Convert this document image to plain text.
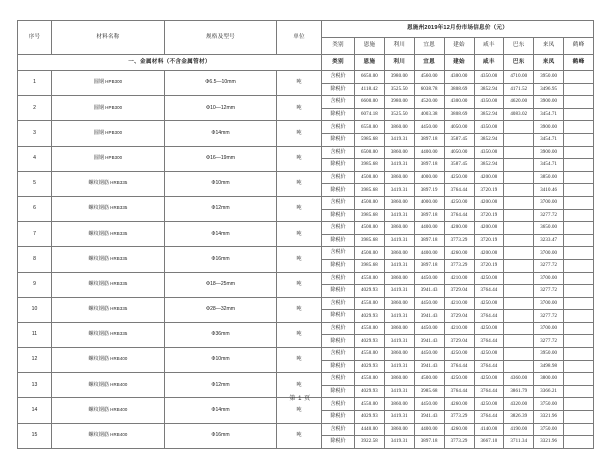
序号	材料名称	规格及型号	单位	恩施州2019年12月份市场信息价（元）								
				类别	恩施	利川	宜恩	建始	咸丰	巴东	来凤	鹤峰
一、金属材料（不含金属管材）				类别	恩施	利川	宜恩	建始	咸丰	巴东	来凤	鹤峰
1	圆钢 HPB300	Φ6.5—10mm	吨	含税价	6650.00	3980.00	4560.00	4300.00	4350.00	4710.00	3950.00	
				除税价	4118.42	3525.50	6038.78	3808.69	3852.94	4171.52	3496.95	
2	圆钢 HPB300	Φ10—12mm	吨	含税价	6600.00	3980.00	4520.00	4300.00	4350.00	4620.00	3900.00	
				除税价	6074.18	3525.50	4003.38	3808.69	3852.94	4083.02	3454.71	
3	圆钢 HPB300	Φ14mm	吨	含税价	6550.00	3860.00	4450.00	4050.00	4350.00		3900.00	
				除税价	5985.68	3419.31	3897.18	3587.45	3852.94		3454.71	
4	圆钢 HPB300	Φ16—19mm	吨	含税价	6500.00	3860.00	4400.00	4050.00	4350.00		3900.00	
				除税价	3985.68	3419.31	3897.18	3587.45	3852.94		3454.71	
5	螺纹钢筋 HRB335	Φ10mm	吨	含税价	4500.00	3860.00	4000.00	4250.00	4200.00		3850.00	
				除税价	3985.68	3419.31	3897.19	3764.44	3720.19		3410.46	
6	螺纹钢筋 HRB335	Φ12mm	吨	含税价	4500.00	3860.00	4000.00	4250.00	4200.00		3700.00	
				除税价	3985.68	3419.31	3897.18	3764.44	3720.19		3277.72	
7	螺纹钢筋 HRB335	Φ14mm	吨	含税价	4500.00	3860.00	4400.00	4200.00	4200.00		3650.00	
				除税价	3985.68	3419.31	3897.18	3773.29	3720.19		3233.47	
8	螺纹钢筋 HRB335	Φ16mm	吨	含税价	4500.00	3860.00	4400.00	4260.00	4200.00		3700.00	
				除税价	3985.68	3419.31	3897.18	3773.29	3720.19		3277.72	
9	螺纹钢筋 HRB335	Φ18—25mm	吨	含税价	4550.00	3860.00	4450.00	4210.00	4250.00		3700.00	
				除税价	4029.93	3419.31	3941.43	3729.04	3764.44		3277.72	
10	螺纹钢筋 HRB335	Φ28—32mm	吨	含税价	4550.00	3860.00	4450.00	4210.00	4250.00		3700.00	
				除税价	4029.93	3419.31	3941.43	3729.04	3764.44		3277.72	
11	螺纹钢筋 HRB335	Φ36mm	吨	含税价	4550.00	3860.00	4450.00	4210.00	4250.00		3700.00	
				除税价	4029.93	3419.31	3941.43	3729.04	3764.44		3277.72	
12	螺纹钢筋 HRB400	Φ10mm	吨	含税价	4550.00	3860.00	4450.00	4250.00	4250.00		3950.00	
				除税价	4029.93	3419.31	3941.43	3764.44	3764.44		3498.98	
13	螺纹钢筋 HRB400	Φ12mm	吨	含税价	4550.00	3860.00	4500.00	4250.00	4250.00	4360.00	3800.00	
				除税价	4029.93	3419.31	3985.68	3764.44	3764.44	3861.79	3366.21	
14	螺纹钢筋 HRB400	Φ14mm	吨	含税价	4550.00	3860.00	4450.00	4260.00	4250.00	4320.00	3750.00	
				除税价	4029.93	3419.31	3941.43	3773.29	3764.44	3826.39	3321.96	
15	螺纹钢筋 HRB400	Φ16mm	吨	含税价	4440.00	3860.00	4400.00	4260.00	4140.00	4190.00	3750.00	
				除税价	3922.58	3419.31	3897.18	3773.29	3667.10	3711.34	3321.96	
第 1 页
